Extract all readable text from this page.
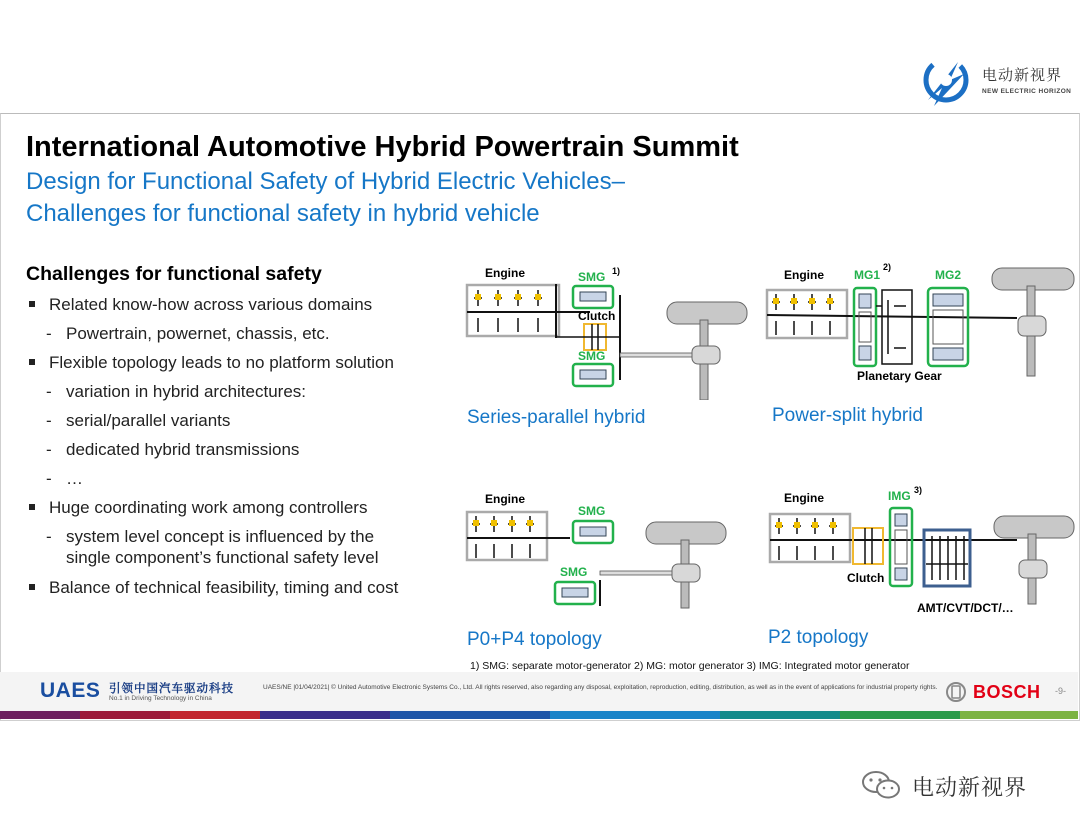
电动新视界
NEW ELECTRIC HORIZON
International Automotive Hybrid Powertrain Summit
Design for Functional Safety of Hybrid Electric Vehicles–
Challenges for functional safety in hybrid vehicle
Challenges for functional safety
Related know-how across various domains
- Powertrain, powernet, chassis, etc.
Flexible topology leads to no platform solution
- variation in hybrid architectures:
- serial/parallel variants
- dedicated hybrid transmissions
- …
Huge coordinating work among controllers
- system level concept is influenced by the
single component’s functional safety level
Balance of technical feasibility, timing and cost
Series-parallel hybrid	Power-split hybrid
P0+P4 topology	P2 topology
Engine	SMG 1)
Clutch
SMG
Engine MG1
2)
Planetary Gear
MG2
Engine
SMG
SMG
Engine
Clutch
IMG 3)
AMT/CVT/DCT/…
1) SMG: separate motor-generator 2) MG: motor generator 3) IMG: Integrated motor generator
UAES 引领中国汽车驱动科技
No.1 in Driving Technology in China
UAES/NE |01/04/2021| © United Automotive Electronic Systems Co., Ltd. All rights reserved, also regarding any disposal, exploitation, reproduction, editing, distribution, as well as in the event of applications for industrial property rights.	BOSCH -9-
电动新视界
